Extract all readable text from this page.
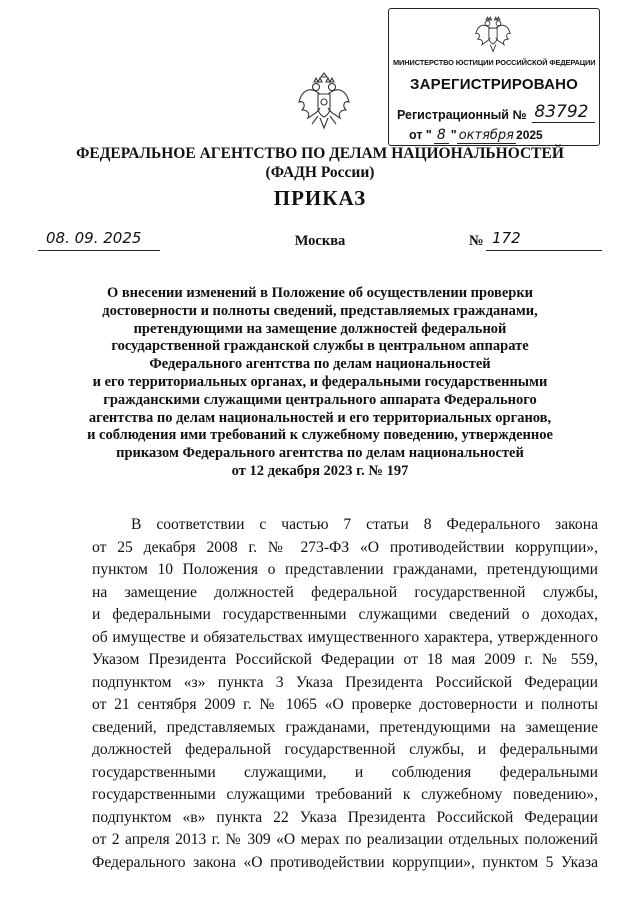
МИНИСТЕРСТВО ЮСТИЦИИ РОССИЙСКОЙ ФЕДЕРАЦИИ
ЗАРЕГИСТРИРОВАНО
Регистрационный № 83792
от " 8 " октября 2025
ФЕДЕРАЛЬНОЕ АГЕНТСТВО ПО ДЕЛАМ НАЦИОНАЛЬНОСТЕЙ
(ФАДН России)
ПРИКАЗ
08. 09. 2025	Москва	№ 172
О внесении изменений в Положение об осуществлении проверки
достоверности и полноты сведений, представляемых гражданами,
претендующими на замещение должностей федеральной
государственной гражданской службы в центральном аппарате
Федерального агентства по делам национальностей
и его территориальных органах, и федеральными государственными
гражданскими служащими центрального аппарата Федерального
агентства по делам национальностей и его территориальных органов,
и соблюдения ими требований к служебному поведению, утвержденное
приказом Федерального агентства по делам национальностей
от 12 декабря 2023 г. № 197
В соответствии с частью 7 статьи 8 Федерального закона
от 25 декабря 2008 г. № 273-ФЗ «О противодействии коррупции»,
пунктом 10 Положения о представлении гражданами, претендующими
на замещение должностей федеральной государственной службы,
и федеральными государственными служащими сведений о доходах,
об имуществе и обязательствах имущественного характера, утвержденного
Указом Президента Российской Федерации от 18 мая 2009 г. № 559,
подпунктом «з» пункта 3 Указа Президента Российской Федерации
от 21 сентября 2009 г. № 1065 «О проверке достоверности и полноты
сведений, представляемых гражданами, претендующими на замещение
должностей федеральной государственной службы, и федеральными
государственными служащими, и соблюдения федеральными
государственными служащими требований к служебному поведению»,
подпунктом «в» пункта 22 Указа Президента Российской Федерации
от 2 апреля 2013 г. № 309 «О мерах по реализации отдельных положений
Федерального закона «О противодействии коррупции», пунктом 5 Указа
